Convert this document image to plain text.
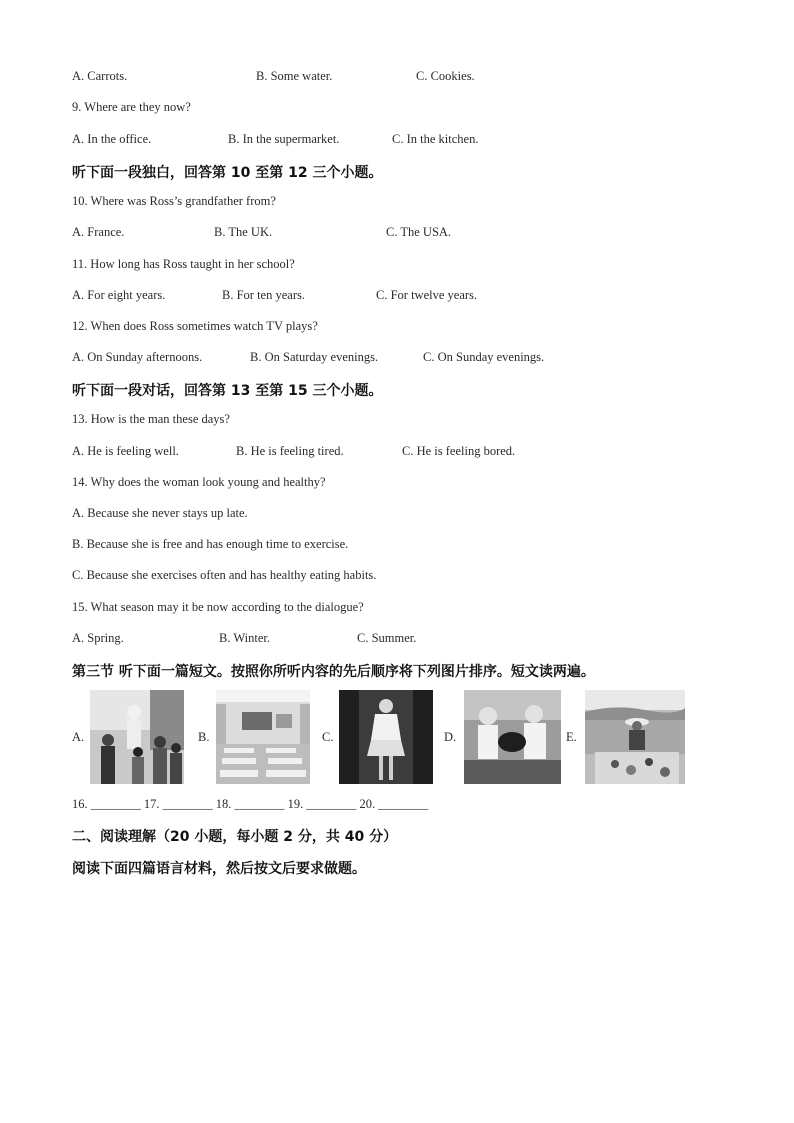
A. Carrots.	B. Some water.	C. Cookies.
9. Where are they now?
A. In the office.	B. In the supermarket.	C. In the kitchen.
听下面一段独白，回答第 10 至第 12 三个小题。
10. Where was Ross’s grandfather from?
A. France.	B. The UK.	C. The USA.
11. How long has Ross taught in her school?
A. For eight years.	B. For ten years.	C. For twelve years.
12. When does Ross sometimes watch TV plays?
A. On Sunday afternoons.	B. On Saturday evenings.	C. On Sunday evenings.
听下面一段对话，回答第 13 至第 15 三个小题。
13. How is the man these days?
A. He is feeling well.	B. He is feeling tired.	C. He is feeling bored.
14. Why does the woman look young and healthy?
A. Because she never stays up late.
B. Because she is free and has enough time to exercise.
C. Because she exercises often and has healthy eating habits.
15. What season may it be now according to the dialogue?
A. Spring.	B. Winter.	C. Summer.
第三节 听下面一篇短文。按照你所听内容的先后顺序将下列图片排序。短文读两遍。
A.	B.	C.	D.	E.
16. ________ 17. ________ 18. ________ 19. ________ 20. ________
二、阅读理解（20 小题，每小题 2 分，共 40 分）
阅读下面四篇语言材料，然后按文后要求做题。
